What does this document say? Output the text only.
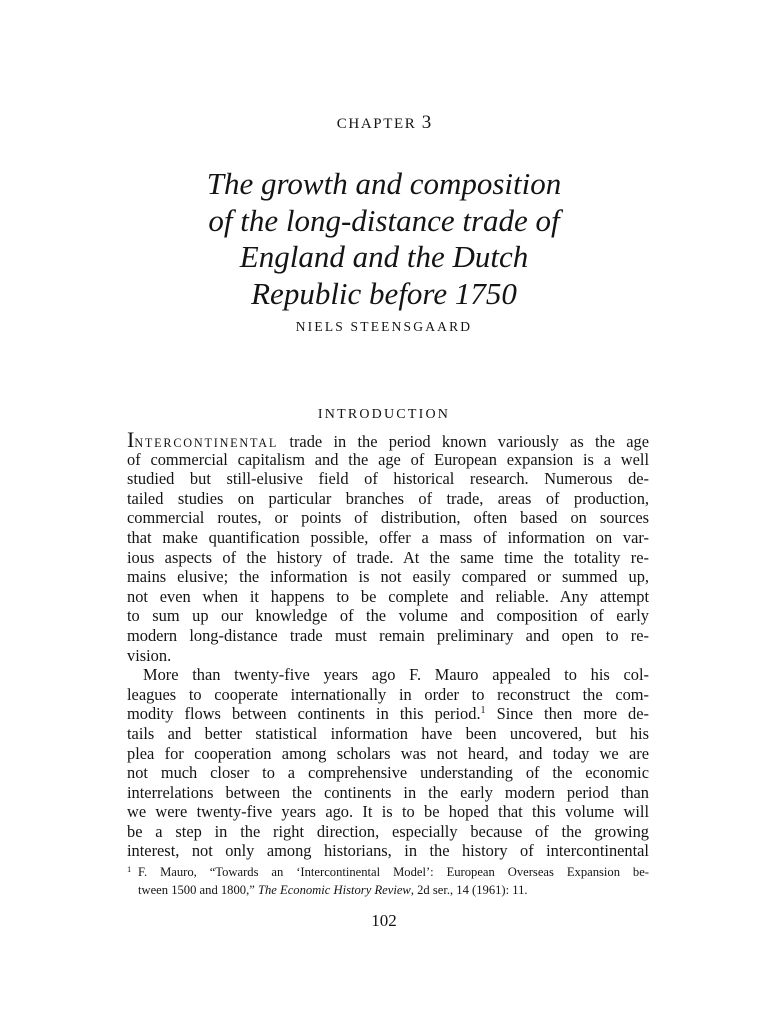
CHAPTER 3
The growth and composition
of the long-distance trade of
England and the Dutch
Republic before 1750
NIELS STEENSGAARD
INTRODUCTION
INTERCONTINENTAL trade in the period known variously as the age
of commercial capitalism and the age of European expansion is a well
studied but still-elusive field of historical research. Numerous de-
tailed studies on particular branches of trade, areas of production,
commercial routes, or points of distribution, often based on sources
that make quantification possible, offer a mass of information on var-
ious aspects of the history of trade. At the same time the totality re-
mains elusive; the information is not easily compared or summed up,
not even when it happens to be complete and reliable. Any attempt
to sum up our knowledge of the volume and composition of early
modern long-distance trade must remain preliminary and open to re-
vision.
More than twenty-five years ago F. Mauro appealed to his col-
leagues to cooperate internationally in order to reconstruct the com-
modity flows between continents in this period.$^1$ Since then more de-
tails and better statistical information have been uncovered, but his
plea for cooperation among scholars was not heard, and today we are
not much closer to a comprehensive understanding of the economic
interrelations between the continents in the early modern period than
we were twenty-five years ago. It is to be hoped that this volume will
be a step in the right direction, especially because of the growing
interest, not only among historians, in the history of intercontinental
1 F. Mauro, “Towards an ‘Intercontinental Model’: European Overseas Expansion be-
tween 1500 and 1800,” The Economic History Review, 2d ser., 14 (1961): 11.
102
